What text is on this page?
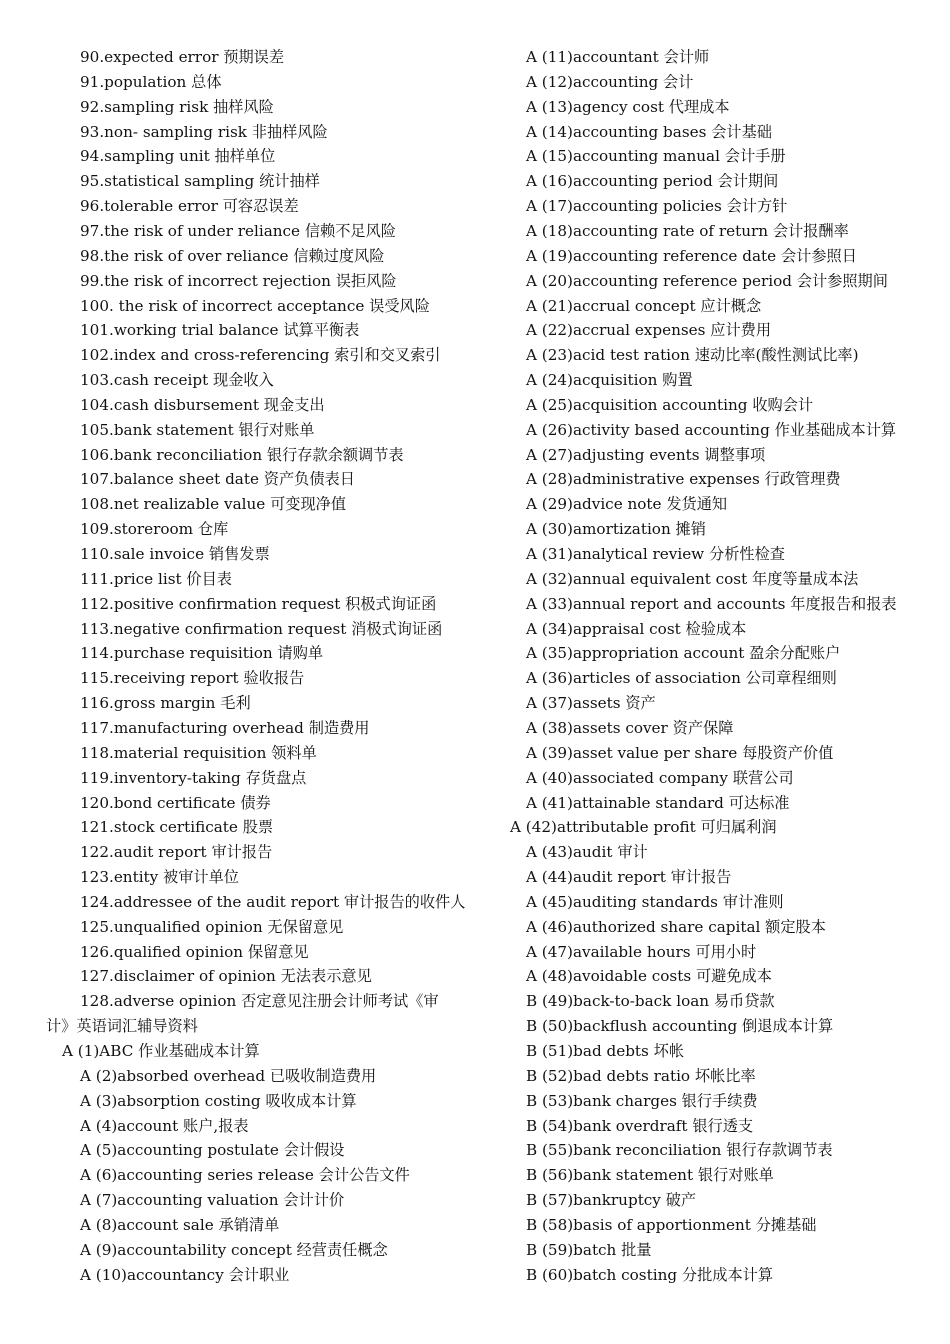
90.expected error 预期误差
91.population 总体
92.sampling risk 抽样风险
93.non- sampling risk 非抽样风险
94.sampling unit 抽样单位
95.statistical sampling 统计抽样
96.tolerable error 可容忍误差
97.the risk of under reliance 信赖不足风险
98.the risk of over reliance 信赖过度风险
99.the risk of incorrect rejection 误拒风险
100. the risk of incorrect acceptance 误受风险
101.working trial balance 试算平衡表
102.index and cross-referencing 索引和交叉索引
103.cash receipt 现金收入
104.cash disbursement 现金支出
105.bank statement 银行对账单
106.bank reconciliation 银行存款余额调节表
107.balance sheet date 资产负债表日
108.net realizable value 可变现净值
109.storeroom 仓库
110.sale invoice 销售发票
111.price list 价目表
112.positive confirmation request 积极式询证函
113.negative confirmation request 消极式询证函
114.purchase requisition 请购单
115.receiving report 验收报告
116.gross margin 毛利
117.manufacturing overhead 制造费用
118.material requisition 领料单
119.inventory-taking 存货盘点
120.bond certificate 债券
121.stock certificate 股票
122.audit report 审计报告
123.entity 被审计单位
124.addressee of the audit report 审计报告的收件人
125.unqualified opinion 无保留意见
126.qualified opinion 保留意见
127.disclaimer of opinion 无法表示意见
128.adverse opinion 否定意见注册会计师考试《审
计》英语词汇辅导资料
A (1)ABC 作业基础成本计算
A (2)absorbed overhead 已吸收制造费用
A (3)absorption costing 吸收成本计算
A (4)account 账户,报表
A (5)accounting postulate 会计假设
A (6)accounting series release 会计公告文件
A (7)accounting valuation 会计计价
A (8)account sale 承销清单
A (9)accountability concept 经营责任概念
A (10)accountancy 会计职业
A (11)accountant 会计师
A (12)accounting 会计
A (13)agency cost 代理成本
A (14)accounting bases 会计基础
A (15)accounting manual 会计手册
A (16)accounting period 会计期间
A (17)accounting policies 会计方针
A (18)accounting rate of return 会计报酬率
A (19)accounting reference date 会计参照日
A (20)accounting reference period 会计参照期间
A (21)accrual concept 应计概念
A (22)accrual expenses 应计费用
A (23)acid test ration 速动比率(酸性测试比率)
A (24)acquisition 购置
A (25)acquisition accounting 收购会计
A (26)activity based accounting 作业基础成本计算
A (27)adjusting events 调整事项
A (28)administrative expenses 行政管理费
A (29)advice note 发货通知
A (30)amortization 摊销
A (31)analytical review 分析性检查
A (32)annual equivalent cost 年度等量成本法
A (33)annual report and accounts 年度报告和报表
A (34)appraisal cost 检验成本
A (35)appropriation account 盈余分配账户
A (36)articles of association 公司章程细则
A (37)assets 资产
A (38)assets cover 资产保障
A (39)asset value per share 每股资产价值
A (40)associated company 联营公司
A (41)attainable standard 可达标准
A (42)attributable profit 可归属利润
A (43)audit 审计
A (44)audit report 审计报告
A (45)auditing standards 审计准则
A (46)authorized share capital 额定股本
A (47)available hours 可用小时
A (48)avoidable costs 可避免成本
B (49)back-to-back loan 易币贷款
B (50)backflush accounting 倒退成本计算
B (51)bad debts 坏帐
B (52)bad debts ratio 坏帐比率
B (53)bank charges 银行手续费
B (54)bank overdraft 银行透支
B (55)bank reconciliation 银行存款调节表
B (56)bank statement 银行对账单
B (57)bankruptcy 破产
B (58)basis of apportionment 分摊基础
B (59)batch 批量
B (60)batch costing 分批成本计算
